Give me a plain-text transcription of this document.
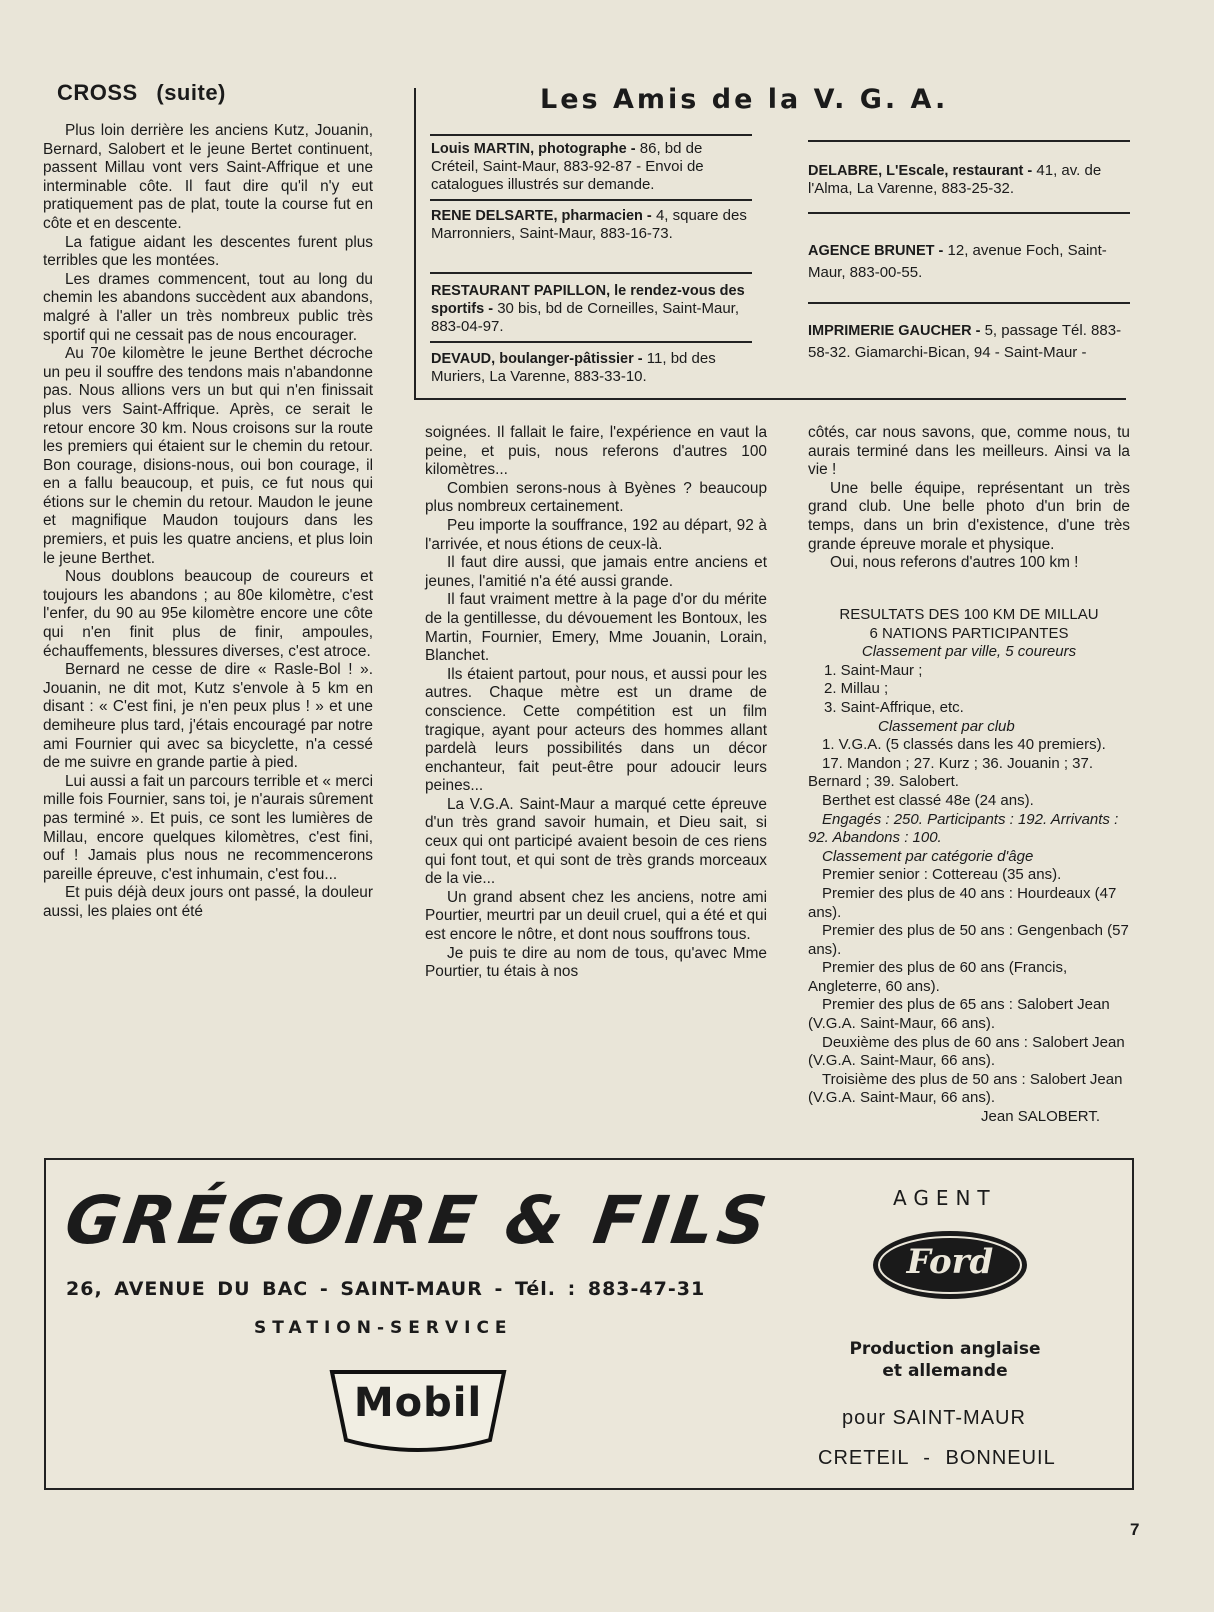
CROSS (suite)

Plus loin derrière les anciens Kutz, Jouanin, Bernard, Salobert et le jeune Bertet continuent, passent Millau vont vers Saint-Affrique et une interminable côte. Il faut dire qu'il n'y eut pratiquement pas de plat, toute la course fut en côte et en descente.

La fatigue aidant les descentes furent plus terribles que les montées.

Les drames commencent, tout au long du chemin les abandons succèdent aux abandons, malgré à l'aller un très nombreux public très sportif qui ne cessait pas de nous encourager.

Au 70e kilomètre le jeune Berthet décroche un peu il souffre des tendons mais n'abandonne pas. Nous allions vers un but qui n'en finissait plus vers Saint-Affrique. Après, ce serait le retour encore 30 km. Nous croisons sur la route les premiers qui étaient sur le chemin du retour. Bon courage, disions-nous, oui bon courage, il en a fallu beaucoup, et puis, ce fut nous qui étions sur le chemin du retour. Maudon le jeune et magnifique Maudon toujours dans les premiers, et puis les quatre anciens, et plus loin le jeune Berthet.

Nous doublons beaucoup de coureurs et toujours les abandons ; au 80e kilomètre, c'est l'enfer, du 90 au 95e kilomètre encore une côte qui n'en finit plus de finir, ampoules, échauffements, blessures diverses, c'est atroce.

Bernard ne cesse de dire « Rasle-Bol ! ». Jouanin, ne dit mot, Kutz s'envole à 5 km en disant : « C'est fini, je n'en peux plus ! » et une demiheure plus tard, j'étais encouragé par notre ami Fournier qui avec sa bicyclette, n'a cessé de me suivre en grande partie à pied.

Lui aussi a fait un parcours terrible et « merci mille fois Fournier, sans toi, je n'aurais sûrement pas terminé ». Et puis, ce sont les lumières de Millau, encore quelques kilomètres, c'est fini, ouf ! Jamais plus nous ne recommencerons pareille épreuve, c'est inhumain, c'est fou...

Et puis déjà deux jours ont passé, la douleur aussi, les plaies ont été

Les Amis de la V. G. A.
Louis MARTIN, photographe - 86, bd de Créteil, Saint-Maur, 883-92-87 - Envoi de catalogues illustrés sur demande.
RENE DELSARTE, pharmacien - 4, square des Marronniers, Saint-Maur, 883-16-73.
RESTAURANT PAPILLON, le rendez-vous des sportifs - 30 bis, bd de Corneilles, Saint-Maur, 883-04-97.
DEVAUD, boulanger-pâtissier - 11, bd des Muriers, La Varenne, 883-33-10.
DELABRE, L'Escale, restaurant - 41, av. de l'Alma, La Varenne, 883-25-32.
AGENCE BRUNET - 12, avenue Foch, Saint-Maur, 883-00-55.
IMPRIMERIE GAUCHER - 5, passage Tél. 883-58-32. Giamarchi-Bican, 94 - Saint-Maur -

soignées. Il fallait le faire, l'expérience en vaut la peine, et puis, nous referons d'autres 100 kilomètres...

Combien serons-nous à Byènes ? beaucoup plus nombreux certainement.

Peu importe la souffrance, 192 au départ, 92 à l'arrivée, et nous étions de ceux-là.

Il faut dire aussi, que jamais entre anciens et jeunes, l'amitié n'a été aussi grande.

Il faut vraiment mettre à la page d'or du mérite de la gentillesse, du dévouement les Bontoux, les Martin, Fournier, Emery, Mme Jouanin, Lorain, Blanchet.

Ils étaient partout, pour nous, et aussi pour les autres. Chaque mètre est un drame de conscience. Cette compétition est un film tragique, ayant pour acteurs des hommes allant pardelà leurs possibilités dans un décor enchanteur, fait peut-être pour adoucir leurs peines...

La V.G.A. Saint-Maur a marqué cette épreuve d'un très grand savoir humain, et Dieu sait, si ceux qui ont participé avaient besoin de ces riens qui font tout, et qui sont de très grands morceaux de la vie...

Un grand absent chez les anciens, notre ami Pourtier, meurtri par un deuil cruel, qui a été et qui est encore le nôtre, et dont nous souffrons tous.

Je puis te dire au nom de tous, qu'avec Mme Pourtier, tu étais à nos

côtés, car nous savons, que, comme nous, tu aurais terminé dans les meilleurs. Ainsi va la vie !

Une belle équipe, représentant un très grand club. Une belle photo d'un brin de temps, dans un brin d'existence, d'une très grande épreuve morale et physique.

Oui, nous referons d'autres 100 km !

RESULTATS DES 100 KM DE MILLAU
6 NATIONS PARTICIPANTES
Classement par ville, 5 coureurs
1. Saint-Maur ;
2. Millau ;
3. Saint-Affrique, etc.
Classement par club
1. V.G.A. (5 classés dans les 40 premiers).
17. Mandon ; 27. Kurz ; 36. Jouanin ; 37. Bernard ; 39. Salobert.
Berthet est classé 48e (24 ans).
Engagés : 250. Participants : 192. Arrivants : 92. Abandons : 100.
Classement par catégorie d'âge
Premier senior : Cottereau (35 ans).
Premier des plus de 40 ans : Hourdeaux (47 ans).
Premier des plus de 50 ans : Gengenbach (57 ans).
Premier des plus de 60 ans (Francis, Angleterre, 60 ans).
Premier des plus de 65 ans : Salobert Jean (V.G.A. Saint-Maur, 66 ans).
Deuxième des plus de 60 ans : Salobert Jean (V.G.A. Saint-Maur, 66 ans).
Troisième des plus de 50 ans : Salobert Jean (V.G.A. Saint-Maur, 66 ans).
Jean SALOBERT.
GRÉGOIRE & FILS
26, AVENUE DU BAC - SAINT-MAUR - Tél. : 883-47-31
STATION-SERVICE
Mobil
AGENT
Ford
Production anglaise
et allemande
pour SAINT-MAUR
CRETEIL - BONNEUIL
7
